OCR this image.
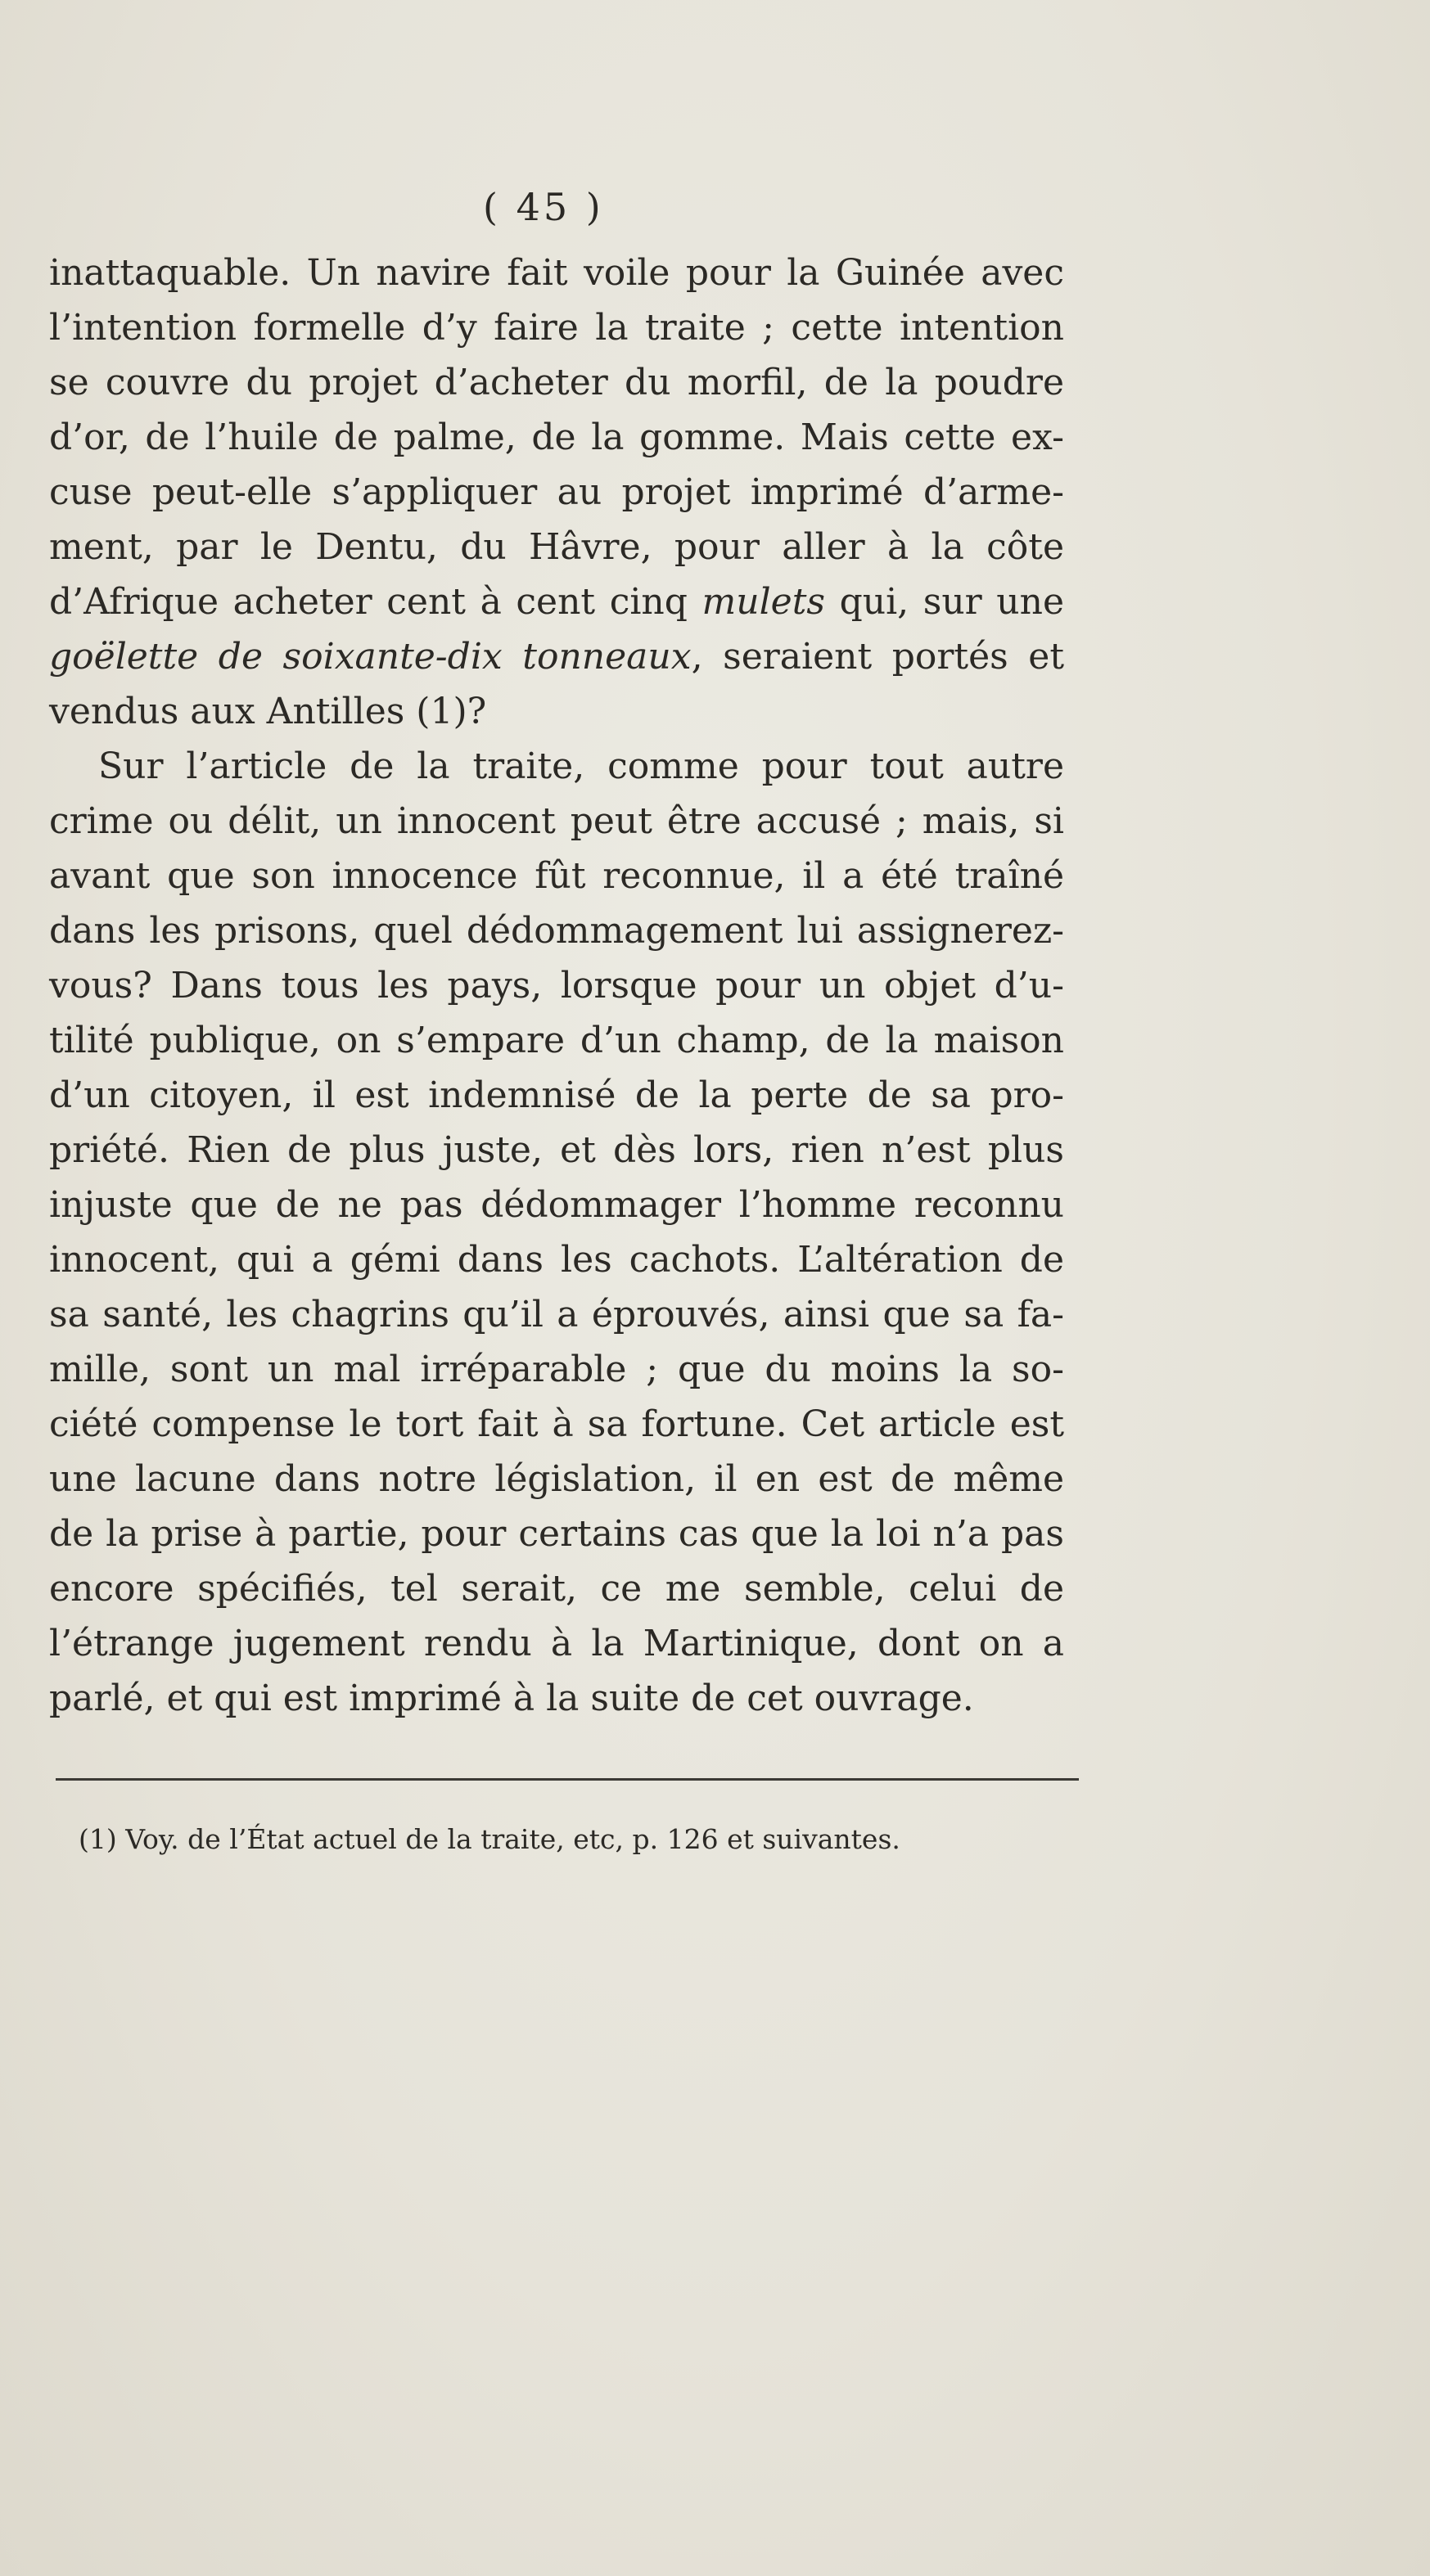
( 45 )
inattaquable. Un navire fait voile pour la Guinée avec
l’intention formelle d’y faire la traite ; cette intention
se couvre du projet d’acheter du morfil, de la poudre
d’or, de l’huile de palme, de la gomme. Mais cette ex-
cuse peut-elle s’appliquer au projet imprimé d’arme-
ment, par le Dentu, du Hâvre, pour aller à la côte
d’Afrique acheter cent à cent cinq mulets qui, sur une
goëlette de soixante-dix tonneaux, seraient portés et
vendus aux Antilles (1)?
Sur l’article de la traite, comme pour tout autre
crime ou délit, un innocent peut être accusé ; mais, si
avant que son innocence fût reconnue, il a été traîné
dans les prisons, quel dédommagement lui assignerez-
vous? Dans tous les pays, lorsque pour un objet d’u-
tilité publique, on s’empare d’un champ, de la maison
d’un citoyen, il est indemnisé de la perte de sa pro-
priété. Rien de plus juste, et dès lors, rien n’est plus
injuste que de ne pas dédommager l’homme reconnu
innocent, qui a gémi dans les cachots. L’altération de
sa santé, les chagrins qu’il a éprouvés, ainsi que sa fa-
mille, sont un mal irréparable ; que du moins la so-
ciété compense le tort fait à sa fortune. Cet article est
une lacune dans notre législation, il en est de même
de la prise à partie, pour certains cas que la loi n’a pas
encore spécifiés, tel serait, ce me semble, celui de
l’étrange jugement rendu à la Martinique, dont on a
parlé, et qui est imprimé à la suite de cet ouvrage.
(1) Voy. de l’État actuel de la traite, etc, p. 126 et suivantes.
